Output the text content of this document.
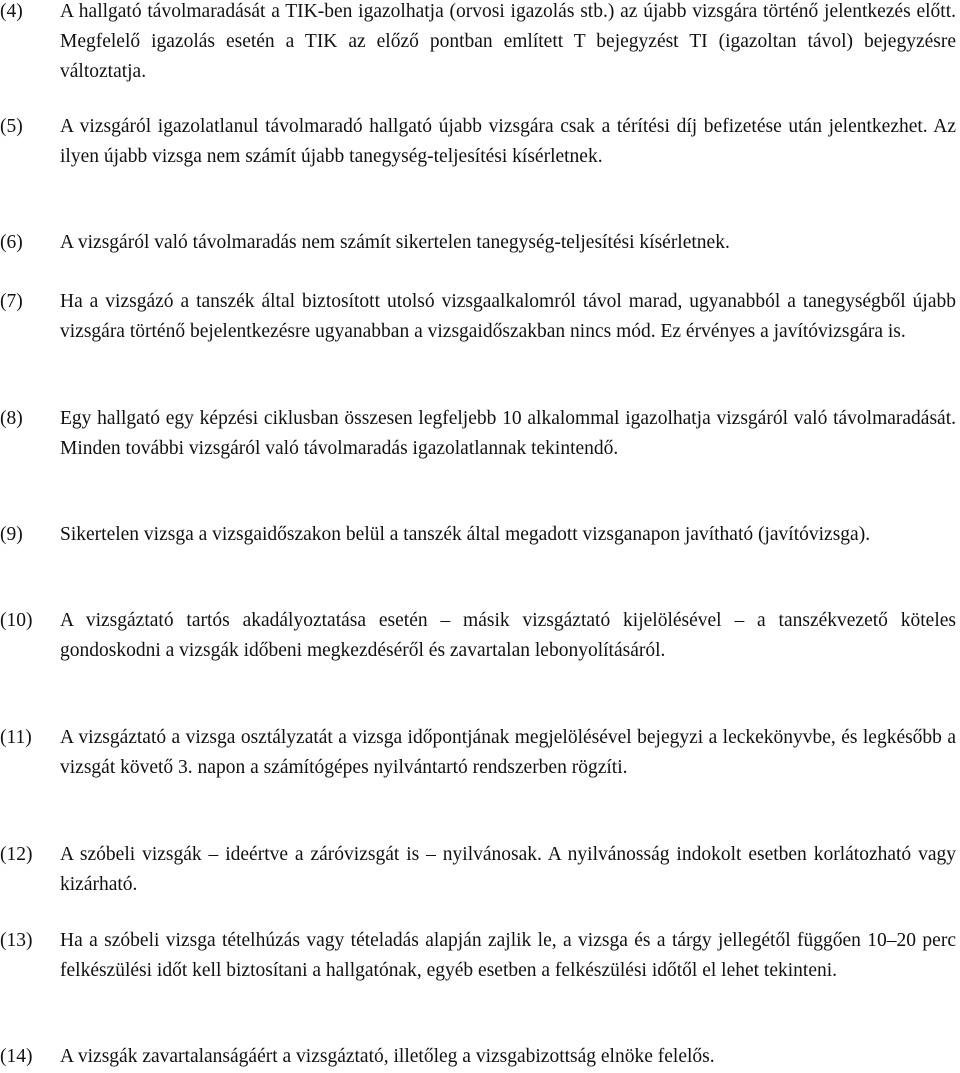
(4)	A hallgató távolmaradását a TIK-ben igazolhatja (orvosi igazolás stb.) az újabb vizsgára történő jelentkezés előtt. Megfelelő igazolás esetén a TIK az előző pontban említett T bejegyzést TI (igazoltan távol) bejegyzésre változtatja.
(5)	A vizsgáról igazolatlanul távolmaradó hallgató újabb vizsgára csak a térítési díj befizetése után jelentkezhet. Az ilyen újabb vizsga nem számít újabb tanegység-teljesítési kísérletnek.
(6)	A vizsgáról való távolmaradás nem számít sikertelen tanegység-teljesítési kísérletnek.
(7)	Ha a vizsgázó a tanszék által biztosított utolsó vizsgaalkalomról távol marad, ugyanabból a tanegységből újabb vizsgára történő bejelentkezésre ugyanabban a vizsgaidőszakban nincs mód. Ez érvényes a javítóvizsgára is.
(8)	Egy hallgató egy képzési ciklusban összesen legfeljebb 10 alkalommal igazolhatja vizsgáról való távolmaradását. Minden további vizsgáról való távolmaradás igazolatlannak tekintendő.
(9)	Sikertelen vizsga a vizsgaidőszakon belül a tanszék által megadott vizsganapon javítható (javítóvizsga).
(10)	A vizsgáztató tartós akadályoztatása esetén – másik vizsgáztató kijelölésével – a tanszékvezető köteles gondoskodni a vizsgák időbeni megkezdéséről és zavartalan lebonyolításáról.
(11)	A vizsgáztató a vizsga osztályzatát a vizsga időpontjának megjelölésével bejegyzi a leckekönyvbe, és legkésőbb a vizsgát követő 3. napon a számítógépes nyilvántartó rendszerben rögzíti.
(12)	A szóbeli vizsgák – ideértve a záróvizsgát is – nyilvánosak. A nyilvánosság indokolt esetben korlátozható vagy kizárható.
(13)	Ha a szóbeli vizsga tételhúzás vagy tételadás alapján zajlik le, a vizsga és a tárgy jellegétől függően 10–20 perc felkészülési időt kell biztosítani a hallgatónak, egyéb esetben a felkészülési időtől el lehet tekinteni.
(14)	A vizsgák zavartalanságáért a vizsgáztató, illetőleg a vizsgabizottság elnöke felelős.
